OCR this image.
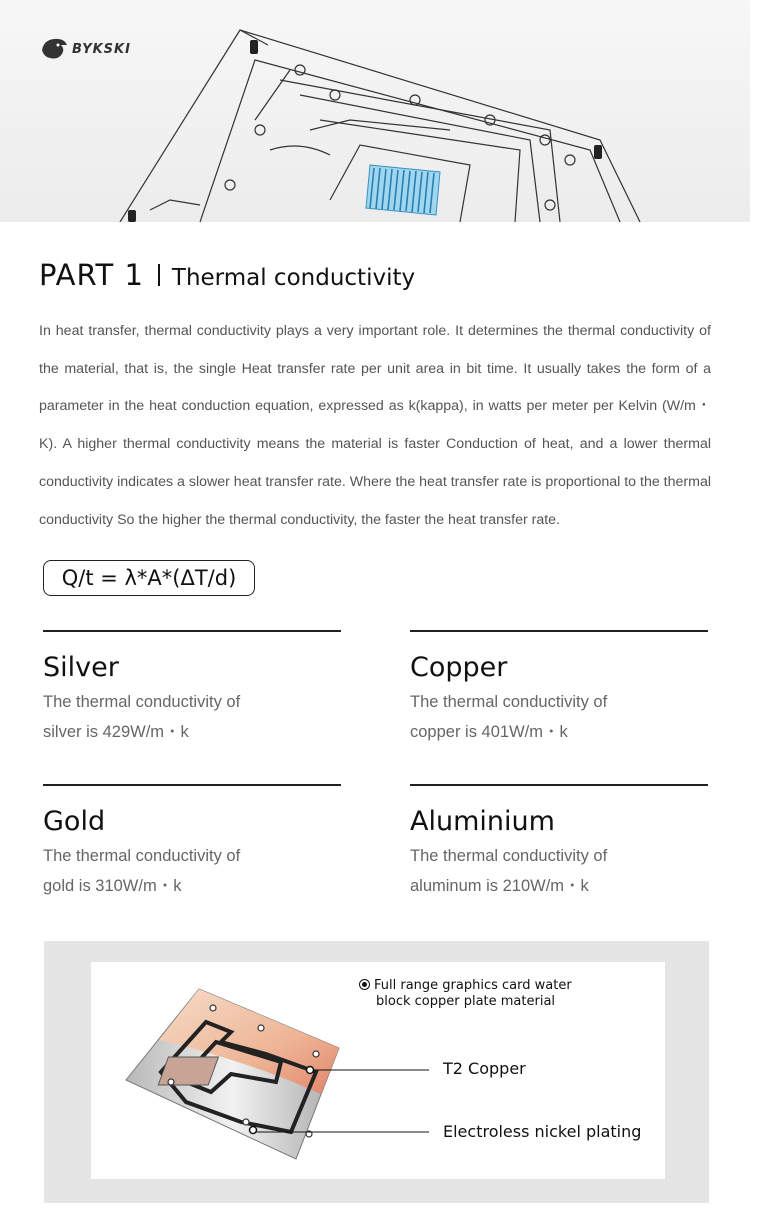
BYKSKI
PART 1 Thermal conductivity
In heat transfer, thermal conductivity plays a very important role. It determines the thermal conductivity of the material, that is, the single Heat transfer rate per unit area in bit time. It usually takes the form of a parameter in the heat conduction equation, expressed as k(kappa), in watts per meter per Kelvin (W/m・K). A higher thermal conductivity means the material is faster Conduction of heat, and a lower thermal conductivity indicates a slower heat transfer rate. Where the heat transfer rate is proportional to the thermal conductivity So the higher the thermal conductivity, the faster the heat transfer rate.
Q/t = λ*A*(ΔT/d)
Silver
The thermal conductivity of
silver is 429W/m・k
Copper
The thermal conductivity of
copper is 401W/m・k
Gold
The thermal conductivity of
gold is 310W/m・k
Aluminium
The thermal conductivity of
aluminum is 210W/m・k
Full range graphics card water
block copper plate material
T2 Copper
Electroless nickel plating
